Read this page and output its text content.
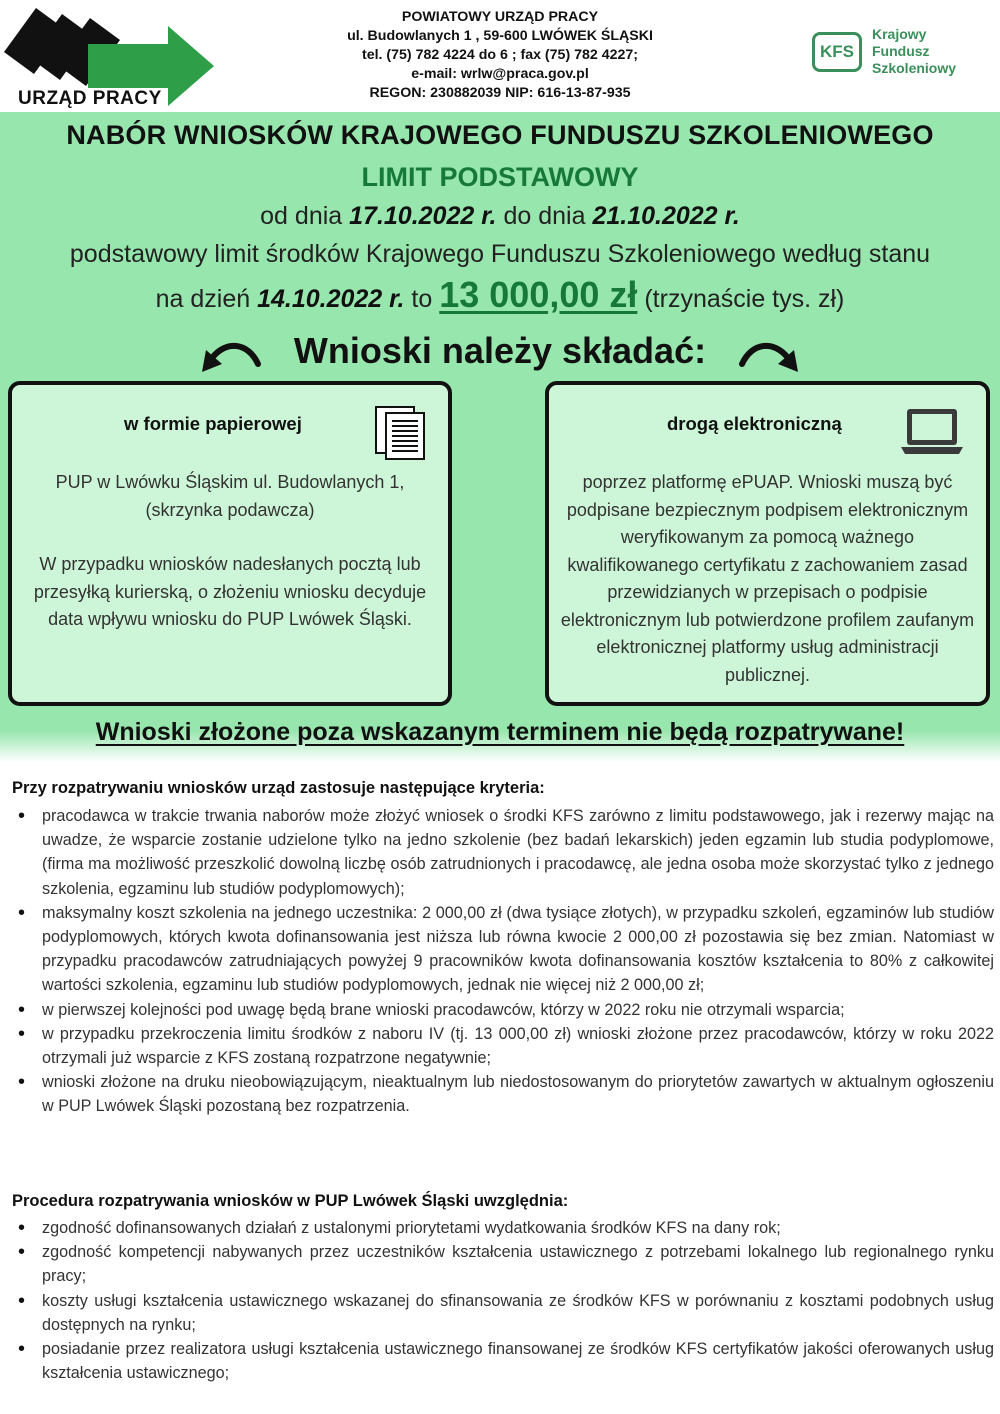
URZĄD PRACY
POWIATOWY URZĄD PRACY
ul. Budowlanych 1 , 59-600 LWÓWEK ŚLĄSKI
tel. (75) 782 4224 do 6 ; fax (75) 782 4227;
e-mail: wrlw@praca.gov.pl
REGON: 230882039 NIP: 616-13-87-935
KFS
Krajowy
Fundusz
Szkoleniowy
NABÓR WNIOSKÓW KRAJOWEGO FUNDUSZU SZKOLENIOWEGO
LIMIT PODSTAWOWY
od dnia 17.10.2022 r. do dnia 21.10.2022 r.
podstawowy limit środków Krajowego Funduszu Szkoleniowego według stanu
na dzień 14.10.2022 r. to 13 000,00 zł (trzynaście tys. zł)
Wnioski należy składać:
w formie papierowej
PUP w Lwówku Śląskim ul. Budowlanych 1, (skrzynka podawcza)
W przypadku wniosków nadesłanych pocztą lub przesyłką kurierską, o złożeniu wniosku decyduje data wpływu wniosku do PUP Lwówek Śląski.
drogą elektroniczną
poprzez platformę ePUAP. Wnioski muszą być podpisane bezpiecznym podpisem elektronicznym weryfikowanym za pomocą ważnego kwalifikowanego certyfikatu z zachowaniem zasad przewidzianych w przepisach o podpisie elektronicznym lub potwierdzone profilem zaufanym elektronicznej platformy usług administracji publicznej.
Wnioski złożone poza wskazanym terminem nie będą rozpatrywane!
Przy rozpatrywaniu wniosków urząd zastosuje następujące kryteria:
• pracodawca w trakcie trwania naborów może złożyć wniosek o środki KFS zarówno z limitu podstawowego, jak i rezerwy mając na uwadze, że wsparcie zostanie udzielone tylko na jedno szkolenie (bez badań lekarskich) jeden egzamin lub studia podyplomowe, (firma ma możliwość przeszkolić dowolną liczbę osób zatrudnionych i pracodawcę, ale jedna osoba może skorzystać tylko z jednego szkolenia, egzaminu lub studiów podyplomowych);
• maksymalny koszt szkolenia na jednego uczestnika: 2 000,00 zł (dwa tysiące złotych), w przypadku szkoleń, egzaminów lub studiów podyplomowych, których kwota dofinansowania jest niższa lub równa kwocie 2 000,00 zł pozostawia się bez zmian. Natomiast w przypadku pracodawców zatrudniających powyżej 9 pracowników kwota dofinansowania kosztów kształcenia to 80% z całkowitej wartości szkolenia, egzaminu lub studiów podyplomowych, jednak nie więcej niż 2 000,00 zł;
• w pierwszej kolejności pod uwagę będą brane wnioski pracodawców, którzy w 2022 roku nie otrzymali wsparcia;
• w przypadku przekroczenia limitu środków z naboru IV (tj. 13 000,00 zł) wnioski złożone przez pracodawców, którzy w roku 2022 otrzymali już wsparcie z KFS zostaną rozpatrzone negatywnie;
• wnioski złożone na druku nieobowiązującym, nieaktualnym lub niedostosowanym do priorytetów zawartych w aktualnym ogłoszeniu w PUP Lwówek Śląski pozostaną bez rozpatrzenia.
Procedura rozpatrywania wniosków w PUP Lwówek Śląski uwzględnia:
• zgodność dofinansowanych działań z ustalonymi priorytetami wydatkowania środków KFS na dany rok;
• zgodność kompetencji nabywanych przez uczestników kształcenia ustawicznego z potrzebami lokalnego lub regionalnego rynku pracy;
• koszty usługi kształcenia ustawicznego wskazanej do sfinansowania ze środków KFS w porównaniu z kosztami podobnych usług dostępnych na rynku;
• posiadanie przez realizatora usługi kształcenia ustawicznego finansowanej ze środków KFS certyfikatów jakości oferowanych usług kształcenia ustawicznego;
